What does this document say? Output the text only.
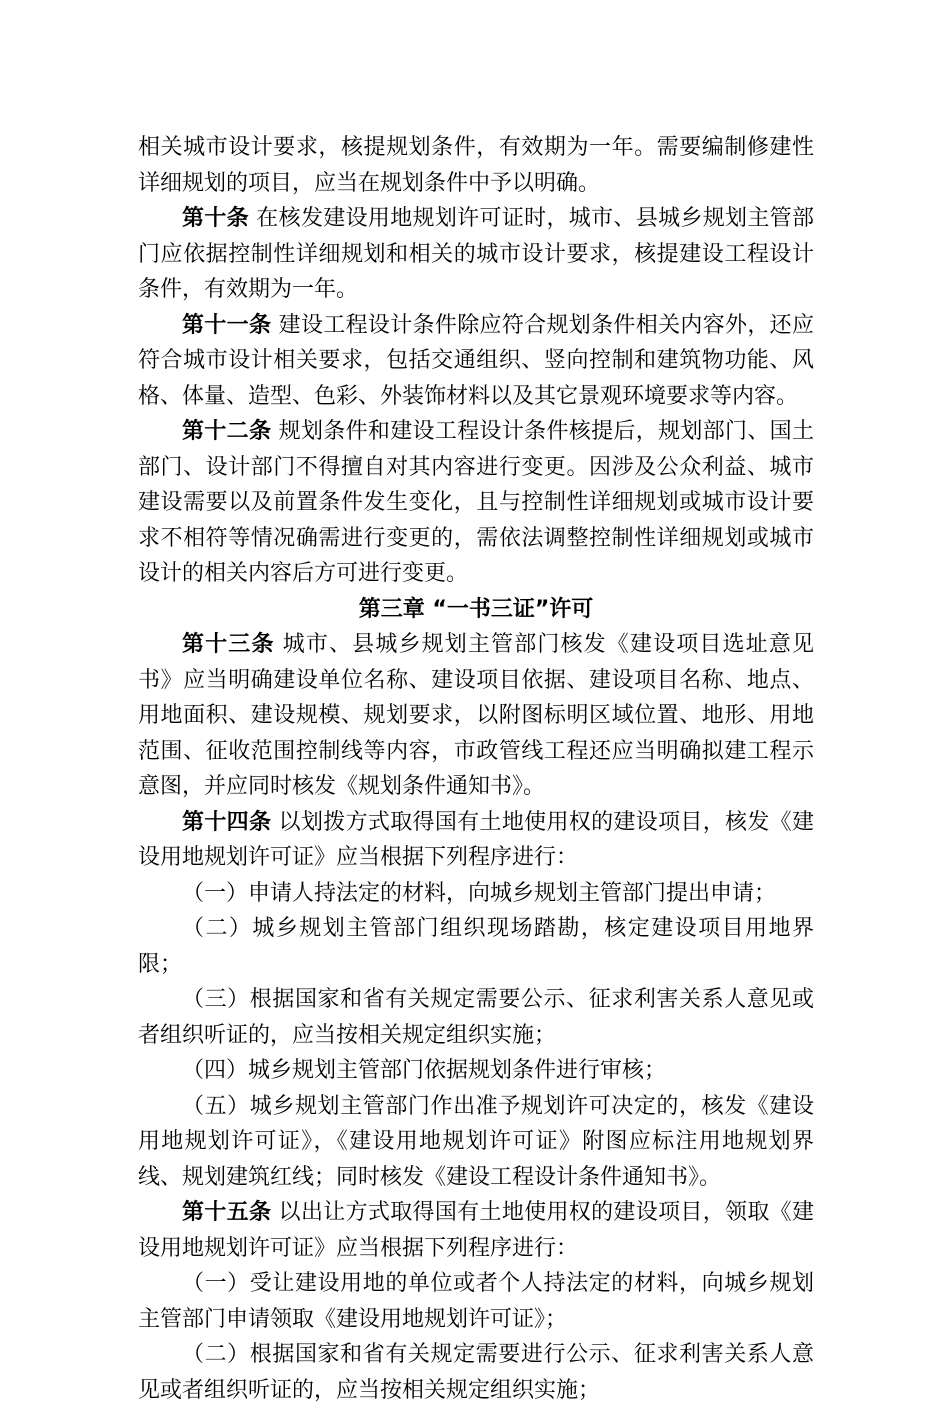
相关城市设计要求，核提规划条件，有效期为一年。需要编制修建性详细规划的项目，应当在规划条件中予以明确。

第十条 在核发建设用地规划许可证时，城市、县城乡规划主管部门应依据控制性详细规划和相关的城市设计要求，核提建设工程设计条件，有效期为一年。

第十一条 建设工程设计条件除应符合规划条件相关内容外，还应符合城市设计相关要求，包括交通组织、竖向控制和建筑物功能、风格、体量、造型、色彩、外装饰材料以及其它景观环境要求等内容。

第十二条 规划条件和建设工程设计条件核提后，规划部门、国土部门、设计部门不得擅自对其内容进行变更。因涉及公众利益、城市建设需要以及前置条件发生变化，且与控制性详细规划或城市设计要求不相符等情况确需进行变更的，需依法调整控制性详细规划或城市设计的相关内容后方可进行变更。

第三章 “一书三证”许可

第十三条 城市、县城乡规划主管部门核发《建设项目选址意见书》应当明确建设单位名称、建设项目依据、建设项目名称、地点、用地面积、建设规模、规划要求，以附图标明区域位置、地形、用地范围、征收范围控制线等内容，市政管线工程还应当明确拟建工程示意图，并应同时核发《规划条件通知书》。

第十四条 以划拨方式取得国有土地使用权的建设项目，核发《建设用地规划许可证》应当根据下列程序进行：

（一）申请人持法定的材料，向城乡规划主管部门提出申请；

（二）城乡规划主管部门组织现场踏勘，核定建设项目用地界限；

（三）根据国家和省有关规定需要公示、征求利害关系人意见或者组织听证的，应当按相关规定组织实施；

（四）城乡规划主管部门依据规划条件进行审核；

（五）城乡规划主管部门作出准予规划许可决定的，核发《建设用地规划许可证》，《建设用地规划许可证》附图应标注用地规划界线、规划建筑红线；同时核发《建设工程设计条件通知书》。

第十五条 以出让方式取得国有土地使用权的建设项目，领取《建设用地规划许可证》应当根据下列程序进行：

（一）受让建设用地的单位或者个人持法定的材料，向城乡规划主管部门申请领取《建设用地规划许可证》；

（二）根据国家和省有关规定需要进行公示、征求利害关系人意见或者组织听证的，应当按相关规定组织实施；
